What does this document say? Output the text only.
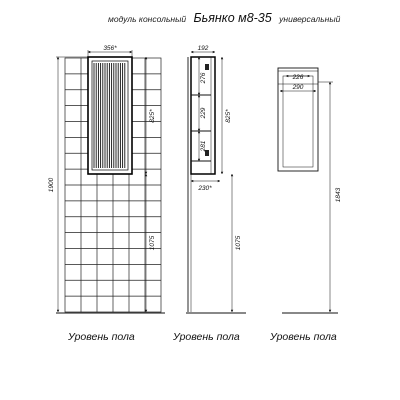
модуль консольный Бьянко м8-35 универсальный
356*
825*
1075
1900
Уровень пола
192
276
229
281
825*
230*
1075
Уровень пола
226
290
1843
Уровень пола
